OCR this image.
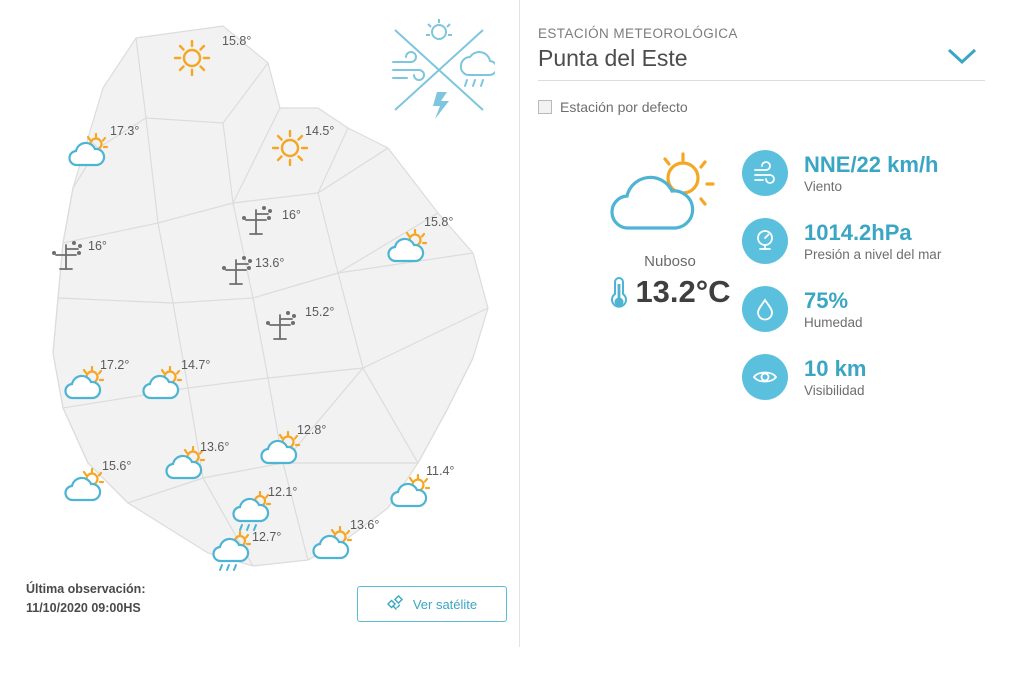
15.8°
17.3°	14.5°
16°	15.8°
16°
13.6°
15.2°
17.2°	14.7°
12.8°
13.6°
15.6°	11.4°
12.1°
12.7°
13.6°
Última observación:
11/10/2020 09:00HS	Ver satélite
ESTACIÓN METEOROLÓGICA
Punta del Este
Estación por defecto
Nuboso
13.2°C
NNE/22 km/h
Viento
1014.2hPa
Presión a nivel del mar
75%
Humedad
10 km
Visibilidad
